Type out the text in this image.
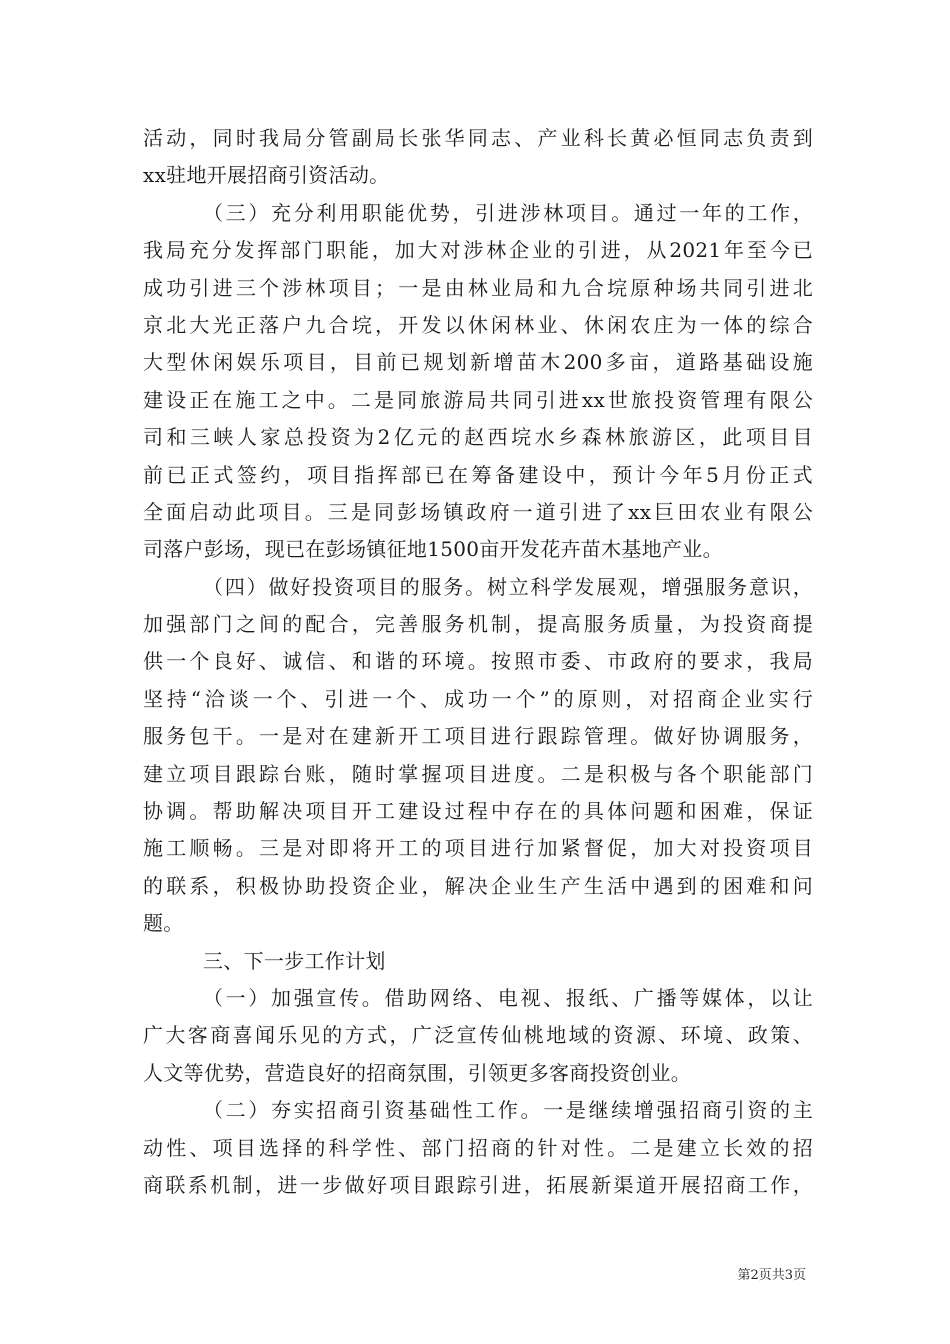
活动，同时我局分管副局长张华同志、产业科长黄必恒同志负责到
xx驻地开展招商引资活动。
（三）充分利用职能优势，引进涉林项目。通过一年的工作，
我局充分发挥部门职能，加大对涉林企业的引进，从2021年至今已
成功引进三个涉林项目；一是由林业局和九合垸原种场共同引进北
京北大光正落户九合垸，开发以休闲林业、休闲农庄为一体的综合
大型休闲娱乐项目，目前已规划新增苗木200多亩，道路基础设施
建设正在施工之中。二是同旅游局共同引进xx世旅投资管理有限公
司和三峡人家总投资为2亿元的赵西垸水乡森林旅游区，此项目目
前已正式签约，项目指挥部已在筹备建设中，预计今年5月份正式
全面启动此项目。三是同彭场镇政府一道引进了xx巨田农业有限公
司落户彭场，现已在彭场镇征地1500亩开发花卉苗木基地产业。
（四）做好投资项目的服务。树立科学发展观，增强服务意识，
加强部门之间的配合，完善服务机制，提高服务质量，为投资商提
供一个良好、诚信、和谐的环境。按照市委、市政府的要求，我局
坚持“洽谈一个、引进一个、成功一个”的原则，对招商企业实行
服务包干。一是对在建新开工项目进行跟踪管理。做好协调服务，
建立项目跟踪台账，随时掌握项目进度。二是积极与各个职能部门
协调。帮助解决项目开工建设过程中存在的具体问题和困难，保证
施工顺畅。三是对即将开工的项目进行加紧督促，加大对投资项目
的联系，积极协助投资企业，解决企业生产生活中遇到的困难和问
题。
三、下一步工作计划
（一）加强宣传。借助网络、电视、报纸、广播等媒体，以让
广大客商喜闻乐见的方式，广泛宣传仙桃地域的资源、环境、政策、
人文等优势，营造良好的招商氛围，引领更多客商投资创业。
（二）夯实招商引资基础性工作。一是继续增强招商引资的主
动性、项目选择的科学性、部门招商的针对性。二是建立长效的招
商联系机制，进一步做好项目跟踪引进，拓展新渠道开展招商工作，
第2页共3页
